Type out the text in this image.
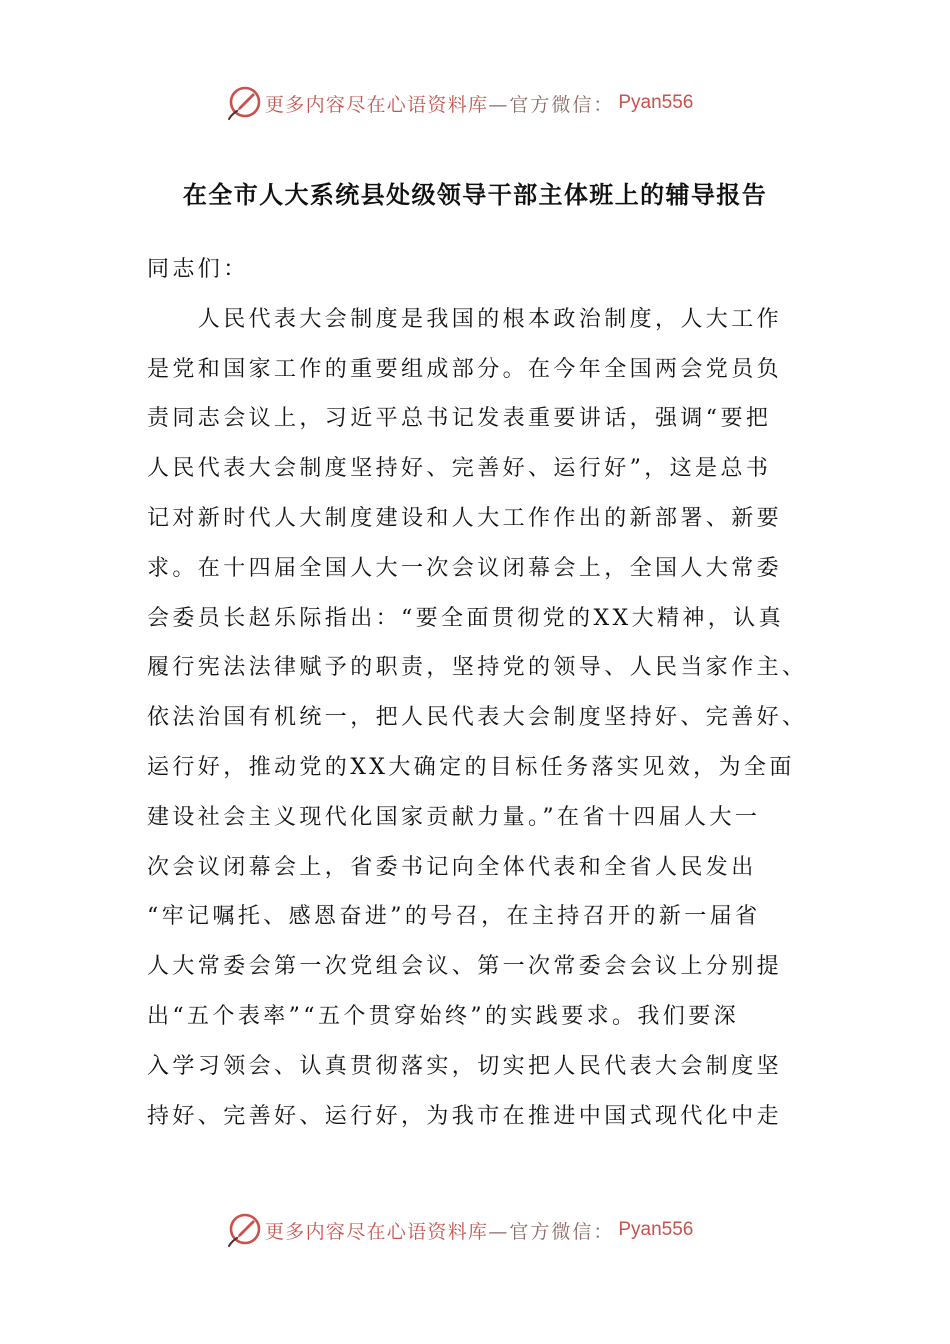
更多内容尽在心语资料库 —官方微信： Pyan556
在全市人大系统县处级领导干部主体班上的辅导报告
同志们：
人民代表大会制度是我国的根本政治制度，人大工作
是党和国家工作的重要组成部分。在今年全国两会党员负
责同志会议上，习近平总书记发表重要讲话，强调“要把
人民代表大会制度坚持好、完善好、运行好”，这是总书
记对新时代人大制度建设和人大工作作出的新部署、新要
求。在十四届全国人大一次会议闭幕会上，全国人大常委
会委员长赵乐际指出：“要全面贯彻党的XX大精神，认真
履行宪法法律赋予的职责，坚持党的领导、人民当家作主、
依法治国有机统一，把人民代表大会制度坚持好、完善好、
运行好，推动党的XX大确定的目标任务落实见效，为全面
建设社会主义现代化国家贡献力量。”在省十四届人大一
次会议闭幕会上，省委书记向全体代表和全省人民发出
“牢记嘱托、感恩奋进”的号召，在主持召开的新一届省
人大常委会第一次党组会议、第一次常委会会议上分别提
出“五个表率”“五个贯穿始终”的实践要求。我们要深
入学习领会、认真贯彻落实，切实把人民代表大会制度坚
持好、完善好、运行好，为我市在推进中国式现代化中走
更多内容尽在心语资料库 —官方微信： Pyan556
